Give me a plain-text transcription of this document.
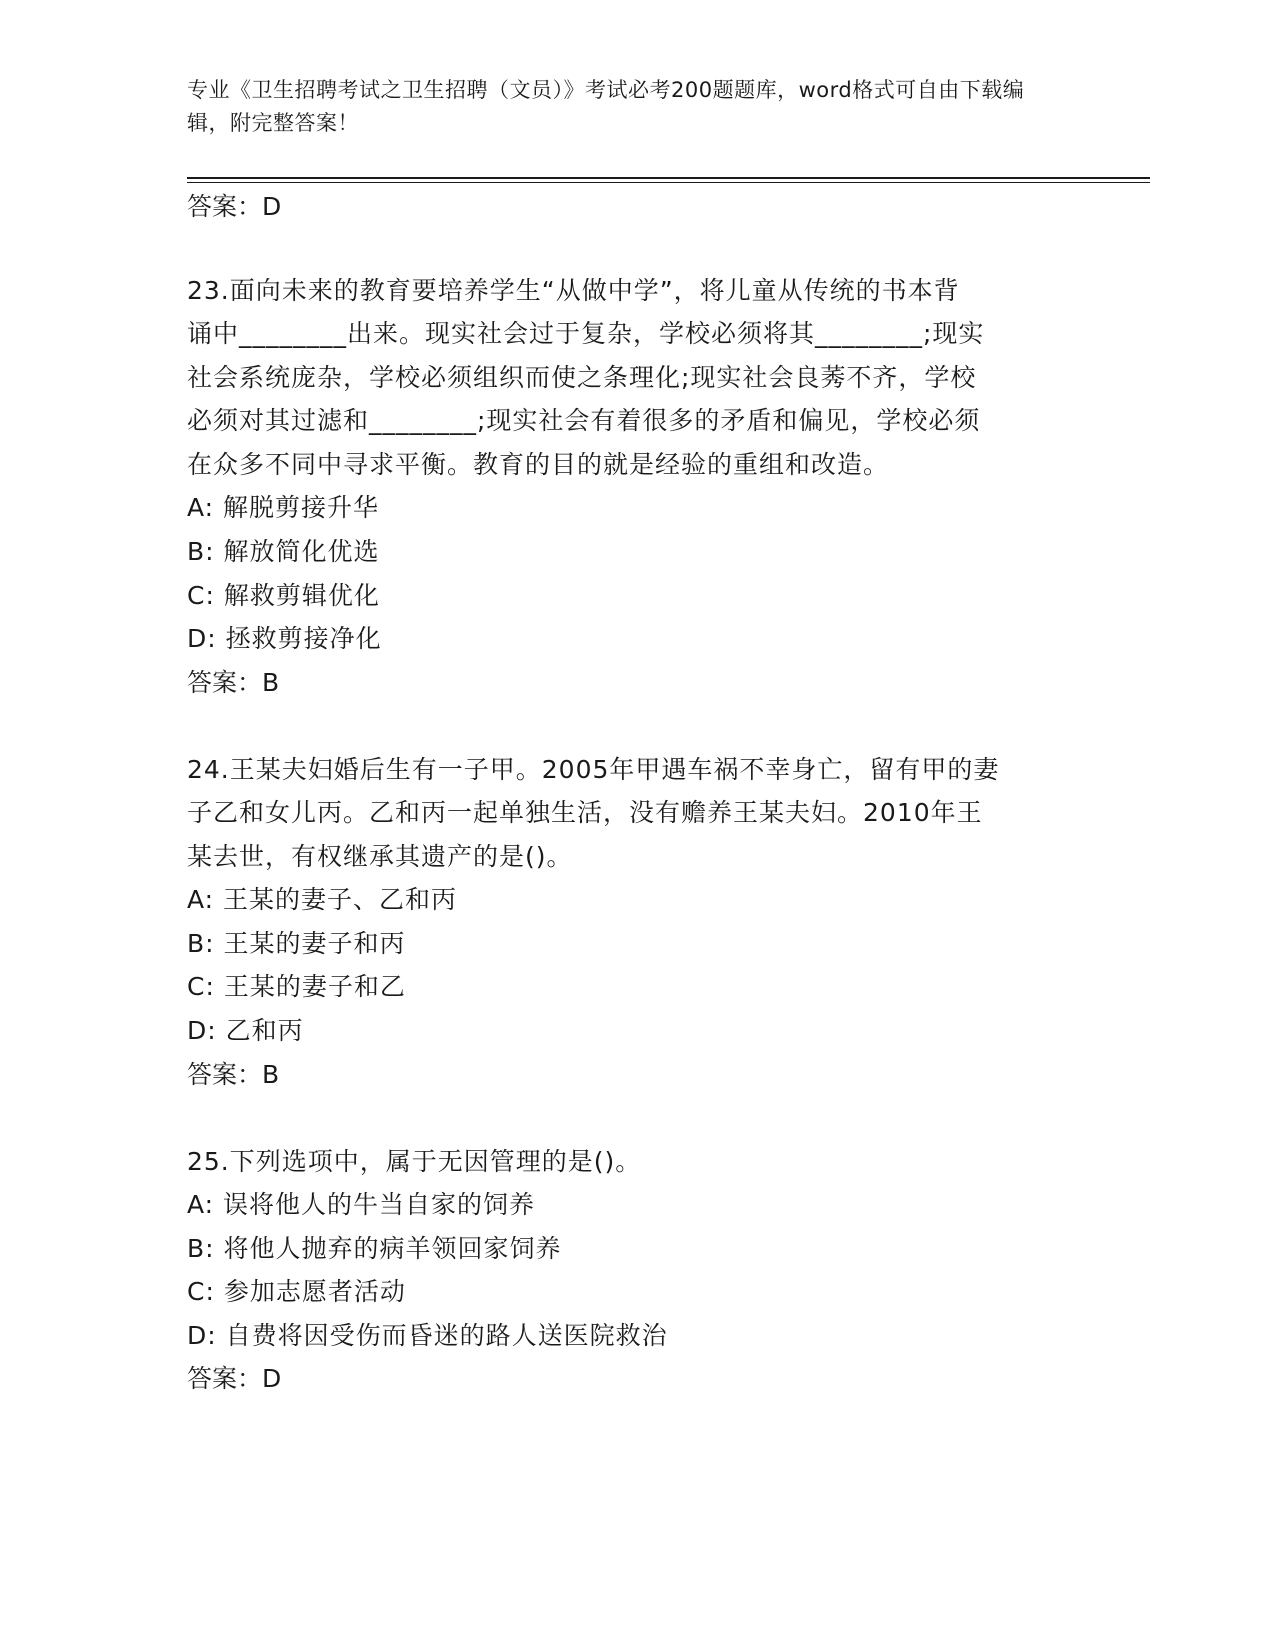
专业《卫生招聘考试之卫生招聘（文员）》考试必考200题题库，word格式可自由下载编辑，附完整答案！
答案：D
23.面向未来的教育要培养学生“从做中学”，将儿童从传统的书本背
诵中________出来。现实社会过于复杂，学校必须将其________;现实
社会系统庞杂，学校必须组织而使之条理化;现实社会良莠不齐，学校
必须对其过滤和________;现实社会有着很多的矛盾和偏见，学校必须
在众多不同中寻求平衡。教育的目的就是经验的重组和改造。
A: 解脱剪接升华
B: 解放简化优选
C: 解救剪辑优化
D: 拯救剪接净化
答案：B
24.王某夫妇婚后生有一子甲。2005年甲遇车祸不幸身亡，留有甲的妻
子乙和女儿丙。乙和丙一起单独生活，没有赡养王某夫妇。2010年王
某去世，有权继承其遗产的是()。
A: 王某的妻子、乙和丙
B: 王某的妻子和丙
C: 王某的妻子和乙
D: 乙和丙
答案：B
25.下列选项中，属于无因管理的是()。
A: 误将他人的牛当自家的饲养
B: 将他人抛弃的病羊领回家饲养
C: 参加志愿者活动
D: 自费将因受伤而昏迷的路人送医院救治
答案：D
